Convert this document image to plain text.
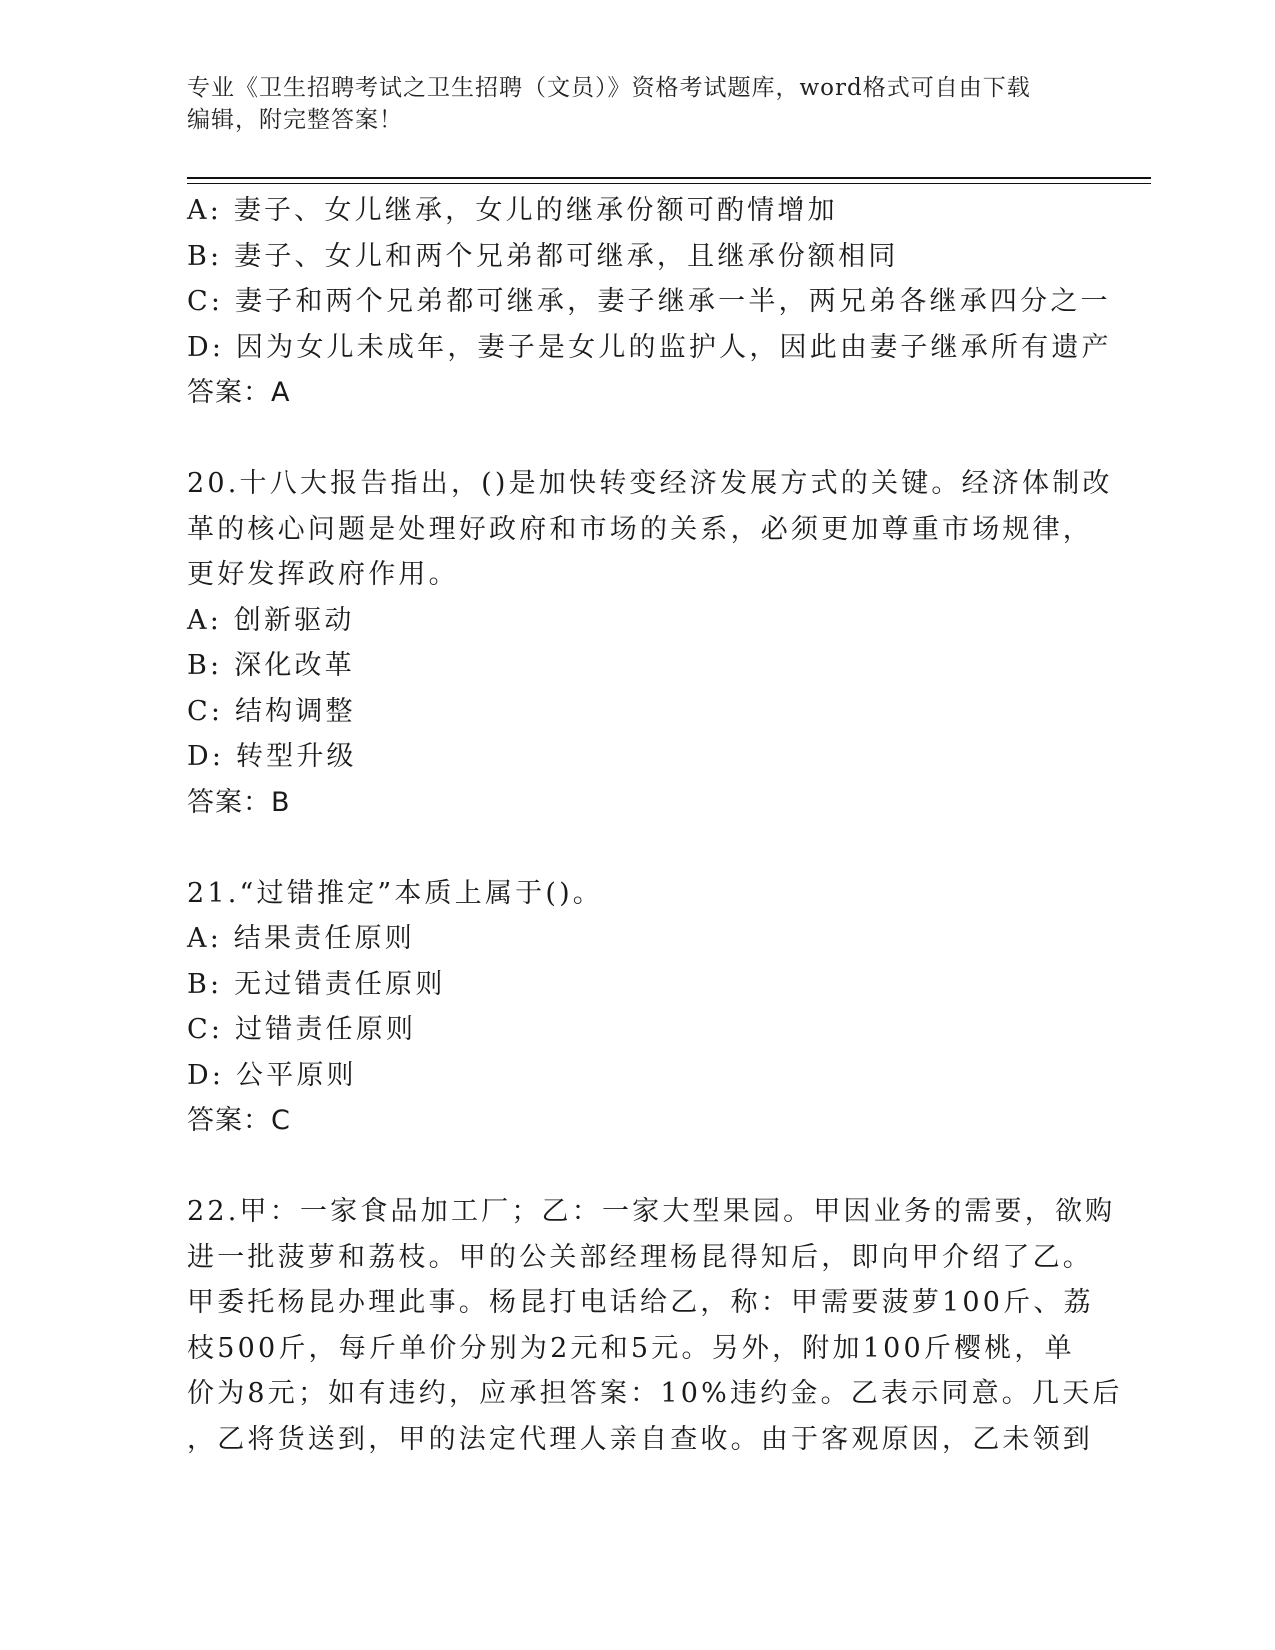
专业《卫生招聘考试之卫生招聘（文员）》资格考试题库，word格式可自由下载
编辑，附完整答案！
A: 妻子、女儿继承，女儿的继承份额可酌情增加
B: 妻子、女儿和两个兄弟都可继承，且继承份额相同
C: 妻子和两个兄弟都可继承，妻子继承一半，两兄弟各继承四分之一
D: 因为女儿未成年，妻子是女儿的监护人，因此由妻子继承所有遗产
答案：A
20.十八大报告指出，()是加快转变经济发展方式的关键。经济体制改
革的核心问题是处理好政府和市场的关系，必须更加尊重市场规律，
更好发挥政府作用。
A: 创新驱动
B: 深化改革
C: 结构调整
D: 转型升级
答案：B
21.“过错推定”本质上属于()。
A: 结果责任原则
B: 无过错责任原则
C: 过错责任原则
D: 公平原则
答案：C
22.甲：一家食品加工厂；乙：一家大型果园。甲因业务的需要，欲购
进一批菠萝和荔枝。甲的公关部经理杨昆得知后，即向甲介绍了乙。
甲委托杨昆办理此事。杨昆打电话给乙，称：甲需要菠萝100斤、荔
枝500斤，每斤单价分别为2元和5元。另外，附加100斤樱桃，单
价为8元；如有违约，应承担答案：10%违约金。乙表示同意。几天后
，乙将货送到，甲的法定代理人亲自查收。由于客观原因，乙未领到
